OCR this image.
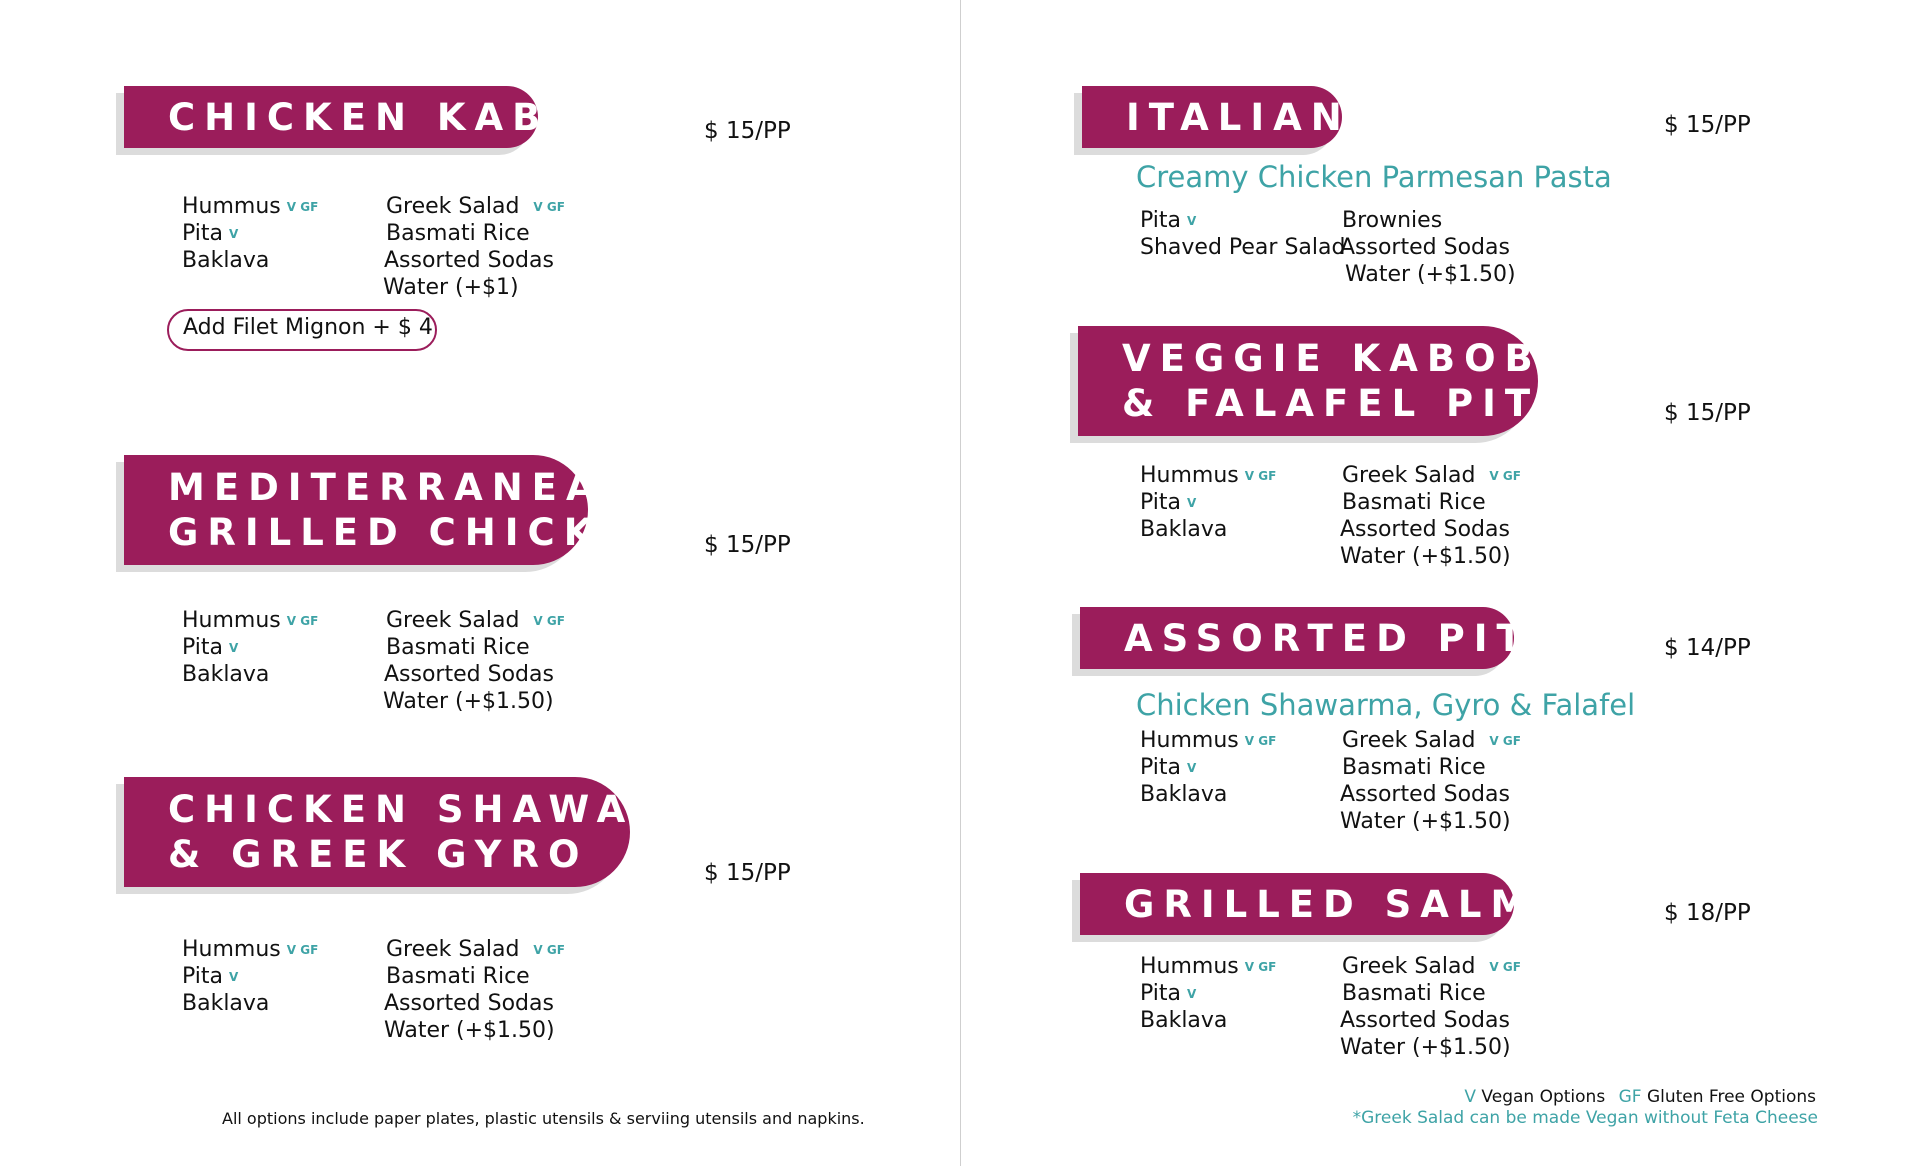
CHICKEN KABOB	$ 15/PP
Hummus V GF
Pita V
Baklava
Greek Salad V GF
Basmati Rice
Assorted Sodas
Water (+$1)
Add Filet Mignon + $ 4
MEDITERRANEAN
GRILLED CHICKEN $ 15/PP
Hummus V GF
Pita V
Baklava
Greek Salad V GF
Basmati Rice
Assorted Sodas
Water (+$1.50)
CHICKEN SHAWARMA
& GREEK GYRO	$ 15/PP
Hummus V GF
Pita V
Baklava
Greek Salad V GF
Basmati Rice
Assorted Sodas
Water (+$1.50)
All options include paper plates, plastic utensils & serviing utensils and napkins.
ITALIAN	$ 15/PP
Creamy Chicken Parmesan Pasta
Pita V
Shaved Pear Salad
Brownies
Assorted Sodas
Water (+$1.50)
VEGGIE KABOBS
& FALAFEL PITAS $ 15/PP
Hummus V GF
Pita V
Baklava
Greek Salad V GF
Basmati Rice
Assorted Sodas
Water (+$1.50)
ASSORTED PITAS	$ 14/PP
Chicken Shawarma, Gyro & Falafel
Hummus V GF
Pita V
Baklava
Greek Salad V GF
Basmati Rice
Assorted Sodas
Water (+$1.50)
GRILLED SALMON $ 18/PP
Hummus V GF
Pita V
Baklava
Greek Salad V GF
Basmati Rice
Assorted Sodas
Water (+$1.50)
V Vegan Options GF Gluten Free Options
*Greek Salad can be made Vegan without Feta Cheese
